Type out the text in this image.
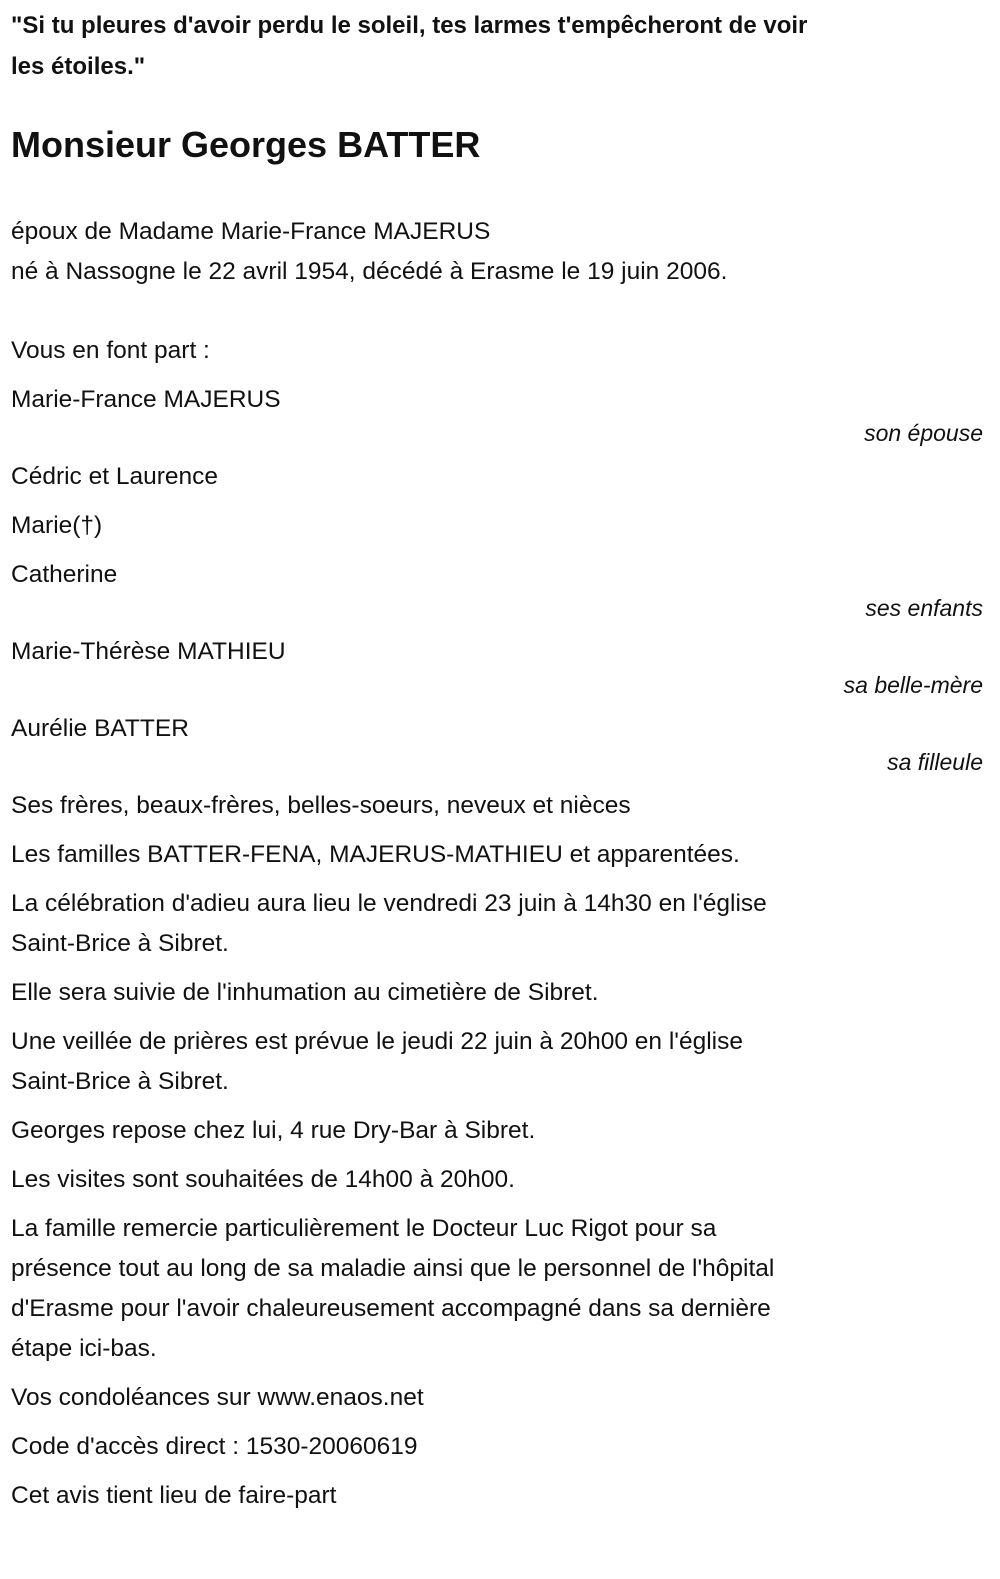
"Si tu pleures d'avoir perdu le soleil, tes larmes t'empêcheront de voir
les étoiles."

Monsieur Georges BATTER

époux de Madame Marie-France MAJERUS

né à Nassogne le 22 avril 1954, décédé à Erasme le 19 juin 2006.

Vous en font part :

Marie-France MAJERUS

son épouse

Cédric et Laurence

Marie(†)

Catherine

ses enfants

Marie-Thérèse MATHIEU

sa belle-mère

Aurélie BATTER

sa filleule

Ses frères, beaux-frères, belles-soeurs, neveux et nièces

Les familles BATTER-FENA, MAJERUS-MATHIEU et apparentées.

La célébration d'adieu aura lieu le vendredi 23 juin à 14h30 en l'église
Saint-Brice à Sibret.

Elle sera suivie de l'inhumation au cimetière de Sibret.

Une veillée de prières est prévue le jeudi 22 juin à 20h00 en l'église
Saint-Brice à Sibret.

Georges repose chez lui, 4 rue Dry-Bar à Sibret.

Les visites sont souhaitées de 14h00 à 20h00.

La famille remercie particulièrement le Docteur Luc Rigot pour sa
présence tout au long de sa maladie ainsi que le personnel de l'hôpital
d'Erasme pour l'avoir chaleureusement accompagné dans sa dernière
étape ici-bas.

Vos condoléances sur www.enaos.net

Code d'accès direct : 1530-20060619

Cet avis tient lieu de faire-part
